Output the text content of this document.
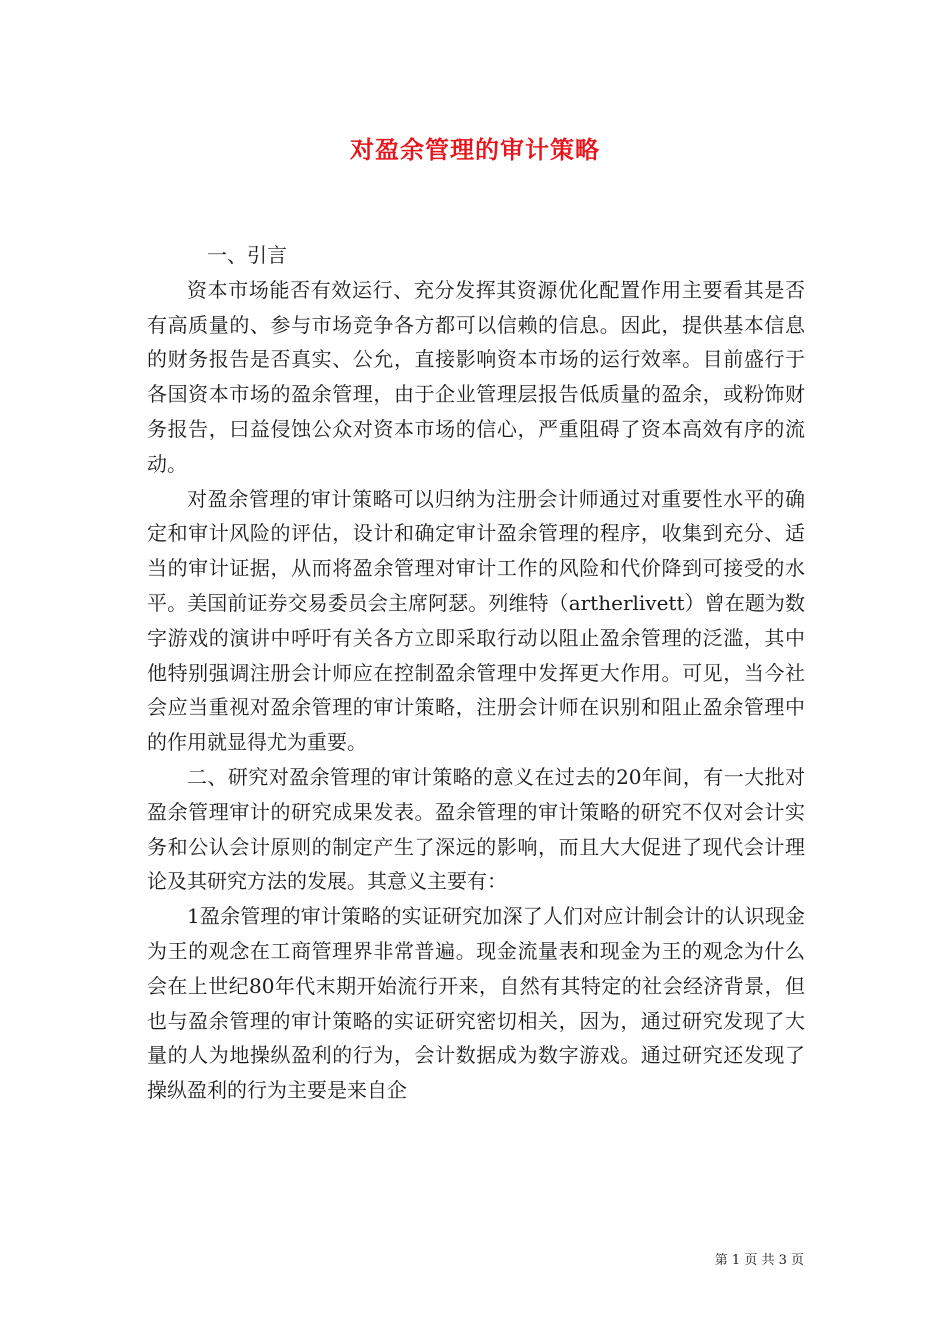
对盈余管理的审计策略

一、引言

资本市场能否有效运行、充分发挥其资源优化配置作用主要看其是否有高质量的、参与市场竞争各方都可以信赖的信息。因此，提供基本信息的财务报告是否真实、公允，直接影响资本市场的运行效率。目前盛行于各国资本市场的盈余管理，由于企业管理层报告低质量的盈余，或粉饰财务报告，曰益侵蚀公众对资本市场的信心，严重阻碍了资本高效有序的流动。

对盈余管理的审计策略可以归纳为注册会计师通过对重要性水平的确定和审计风险的评估，设计和确定审计盈余管理的程序，收集到充分、适当的审计证据，从而将盈余管理对审计工作的风险和代价降到可接受的水平。美国前证券交易委员会主席阿瑟。列维特（artherlivett）曾在题为数字游戏的演讲中呼吁有关各方立即采取行动以阻止盈余管理的泛滥，其中他特别强调注册会计师应在控制盈余管理中发挥更大作用。可见，当今社会应当重视对盈余管理的审计策略，注册会计师在识别和阻止盈余管理中的作用就显得尤为重要。

二、研究对盈余管理的审计策略的意义在过去的20年间，有一大批对盈余管理审计的研究成果发表。盈余管理的审计策略的研究不仅对会计实务和公认会计原则的制定产生了深远的影响，而且大大促进了现代会计理论及其研究方法的发展。其意义主要有：

1盈余管理的审计策略的实证研究加深了人们对应计制会计的认识现金为王的观念在工商管理界非常普遍。现金流量表和现金为王的观念为什么会在上世纪80年代末期开始流行开来，自然有其特定的社会经济背景，但也与盈余管理的审计策略的实证研究密切相关，因为，通过研究发现了大量的人为地操纵盈利的行为，会计数据成为数字游戏。通过研究还发现了操纵盈利的行为主要是来自企

第 1 页 共 3 页
